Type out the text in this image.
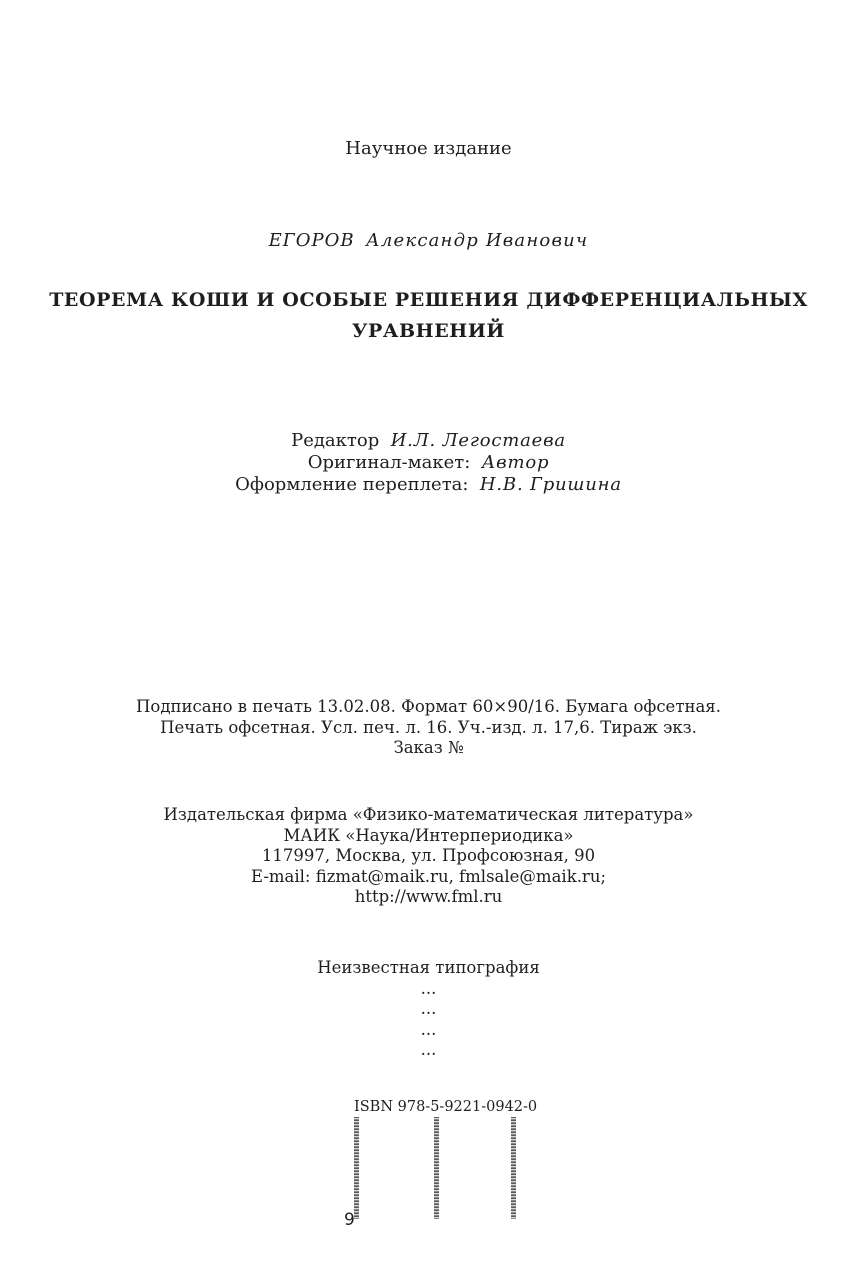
Научное издание
ЕГОРОВ Александр Иванович
ТЕОРЕМА КОШИ И ОСОБЫЕ РЕШЕНИЯ ДИФФЕРЕНЦИАЛЬНЫХ
УРАВНЕНИЙ
Редактор И.Л. Легостаева
Оригинал-макет: Автор
Оформление переплета: Н.В. Гришина
Подписано в печать 13.02.08. Формат 60×90/16. Бумага офсетная.
Печать офсетная. Усл. печ. л. 16. Уч.-изд. л. 17,6. Тираж экз.
Заказ №
Издательская фирма «Физико-математическая литература»
МАИК «Наука/Интерпериодика»
117997, Москва, ул. Профсоюзная, 90
E-mail: fizmat@maik.ru, fmlsale@maik.ru;
http://www.fml.ru
Неизвестная типография
...
...
...
...
ISBN 978-5-9221-0942-0
9
